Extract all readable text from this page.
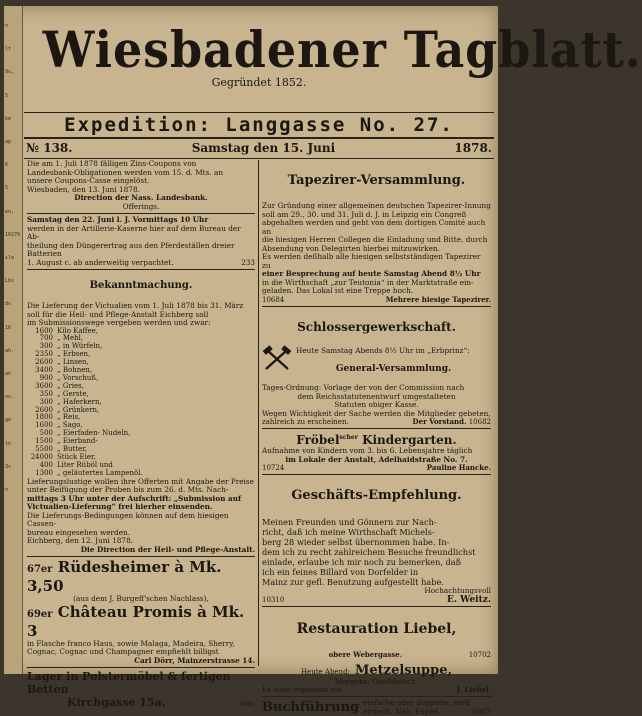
n
lt
9s,
5
ke
ap
6
5
en,
10270
ile
Lbs
ds
16
ah-
an
ns.
ge
tn
3s
n
Wiesbadener Tagblatt.
Gegründet 1852.
Expedition: Langgasse No. 27.
№ 138.	Samstag den 15. Juni	1878.

Die am 1. Juli 1878 fälligen Zins-Coupons von

Landesbank-Obligationen werden vom 15. d. Mts. an

unsere Coupons-Casse eingelöst.

Wiesbaden, den 13. Juni 1878.

Direction der Nass. Landesbank.

Offerings.

Samstag den 22. Juni l. J. Vormittags 10 Uhr

werden in der Artillerie-Kaserne hier auf dem Bureau der Ab-

theilung den Düngerertrag aus den Pferdeställen dreier Batterien

1. August c. ab anderweitig verpachtet.	233

Bekanntmachung.

Die Lieferung der Victualien vom 1. Juli 1878 bis 31. März

soll für die Heil- und Pflege-Anstalt Eichberg soll

im Submissionswege vergeben werden und zwar:

1600 Kilo Kaffee,
700 „ Mehl,
300 „ in Würfeln,
2350 „ Erbsen,
2600 „ Linsen,
3400 „ Bohnen,
900 „ Vorschuß,
3600 „ Gries,
350 „ Gerste,
300 „ Haferkern,
2600 „ Grünkern,
1800 „ Reis,
1600 „ Sago,
500 „ Eierfaden- Nudeln,
1500 „ Eierband-
5500 „ Butter,
24000 Stück Eier,
400 Liter Rüböl und
1300 „ geläutertes Lampenöl.

Lieferungslustige wollen ihre Offerten mit Angabe der Preise

unter Beifügung der Proben bis zum 26. d. Mts. Nach-

mittags 3 Uhr unter der Aufschrift: „Submission auf

Victualien-Lieferung“ frei hierher einsenden.

Die Lieferungs-Bedingungen können auf dem hiesigen Cassen-

bureau eingesehen werden.

Eichberg, den 12. Juni 1878.

Die Direction der Heil- und Pflege-Anstalt.

67er Rüdesheimer à Mk. 3,50

(aus dem J. Burgeff'schen Nachlass),

69er Château Promis à Mk. 3

in Flasche franco Haus, sowie Malaga, Madeira, Sherry,

Cognac, Cognac und Champagner empfiehlt billigst

Carl Dörr, Mainzerstrasse 14.

Lager in Polstermöbel & fertigen Betten
Kirchgasse 15a.	9845

Tapezirer-Versammlung.

Zur Gründung einer allgemeinen deutschen Tapezirer-Innung

soll am 29., 30. und 31. Juli d. J. in Leipzig ein Congreß

abgehalten werden und geht von dem dortigen Comité auch an

die hiesigen Herren Collegen die Einladung und Bitte, durch

Absendung von Delegirten hierbei mitzuwirken.

Es werden deßhalb alle hiesigen selbstständigen Tapezirer zu

einer Besprechung auf heute Samstag Abend 8½ Uhr

in die Wirthschaft „zur Teutonia“ in der Marktstraße ein-

geladen. Das Lokal ist eine Treppe hoch.

10684	Mehrere hiesige Tapezirer.

Schlossergewerkschaft.

Heute Samstag Abends 8½ Uhr im „Erbprinz“:

General-Versammlung.

Tages-Ordnung: Vorlage der von der Commission nach

dem Reichsstatutenentwurf umgestalteten

Statuten obiger Kasse.

Wegen Wichtigkeit der Sache werden die Mitglieder gebeten,

zahlreich zu erscheinen.	Der Vorstand. 10682
Fröbel$^{scher}$ Kindergarten.

Aufnahme von Kindern vom 3. bis 6. Lebensjahre täglich

im Lokale der Anstalt, Adelhaidstraße No. 7.

10724	Pauline Hancke.

Geschäfts-Empfehlung.

Meinen Freunden und Gönnern zur Nach-

richt, daß ich meine Wirthschaft Michels-

berg 28 wieder selbst übernommen habe. In-

dem ich zu recht zahlreichem Besuche freundlichst

einlade, erlaube ich mir noch zu bemerken, daß

ich ein feines Billard von Dorfelder in

Mainz zur gefl. Benutzung aufgestellt habe.

Hochachtungsvoll

10310	E. Weitz.

Restauration Liebel,

obere Webergasse.	10702
Heute Abend: Metzelsuppe,

Morgens: Quellfleisch.

Es ladet ergebenst ein	J. Liebel.
Buchführung einfache oder doppelte, wird

ertheilt. Näh. Exped.	6087
